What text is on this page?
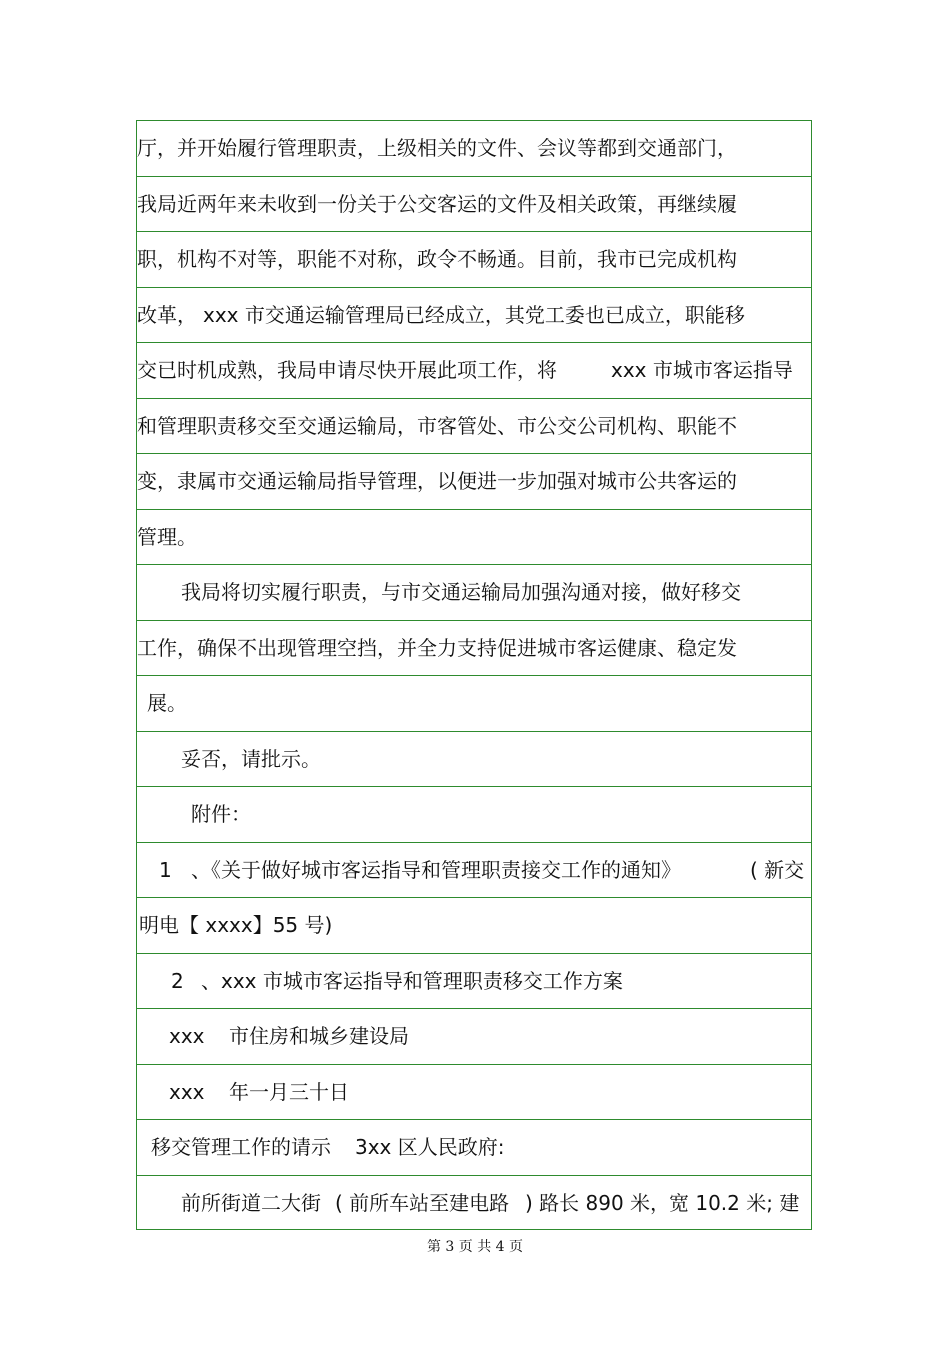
厅，并开始履行管理职责，上级相关的文件、会议等都到交通部门，
我局近两年来未收到一份关于公交客运的文件及相关政策，再继续履
职，机构不对等，职能不对称，政令不畅通。目前，我市已完成机构
改革， xxx 市交通运输管理局已经成立，其党工委也已成立，职能移
交已时机成熟，我局申请尽快开展此项工作，将	xxx 市城市客运指导
和管理职责移交至交通运输局，市客管处、市公交公司机构、职能不
变，隶属市交通运输局指导管理，以便进一步加强对城市公共客运的
管理。
我局将切实履行职责，与市交通运输局加强沟通对接，做好移交
工作，确保不出现管理空挡，并全力支持促进城市客运健康、稳定发
展。
妥否，请批示。
附件：
1 、《关于做好城市客运指导和管理职责接交工作的通知》	( 新交
明电【 xxxx】55 号)
2 、xxx 市城市客运指导和管理职责移交工作方案
xxx 市住房和城乡建设局
xxx 年一月三十日
移交管理工作的请示 3xx 区人民政府:
前所街道二大街 ( 前所车站至建电路 ) 路长 890 米，
宽 10.2 米; 建
第 3 页 共 4 页
